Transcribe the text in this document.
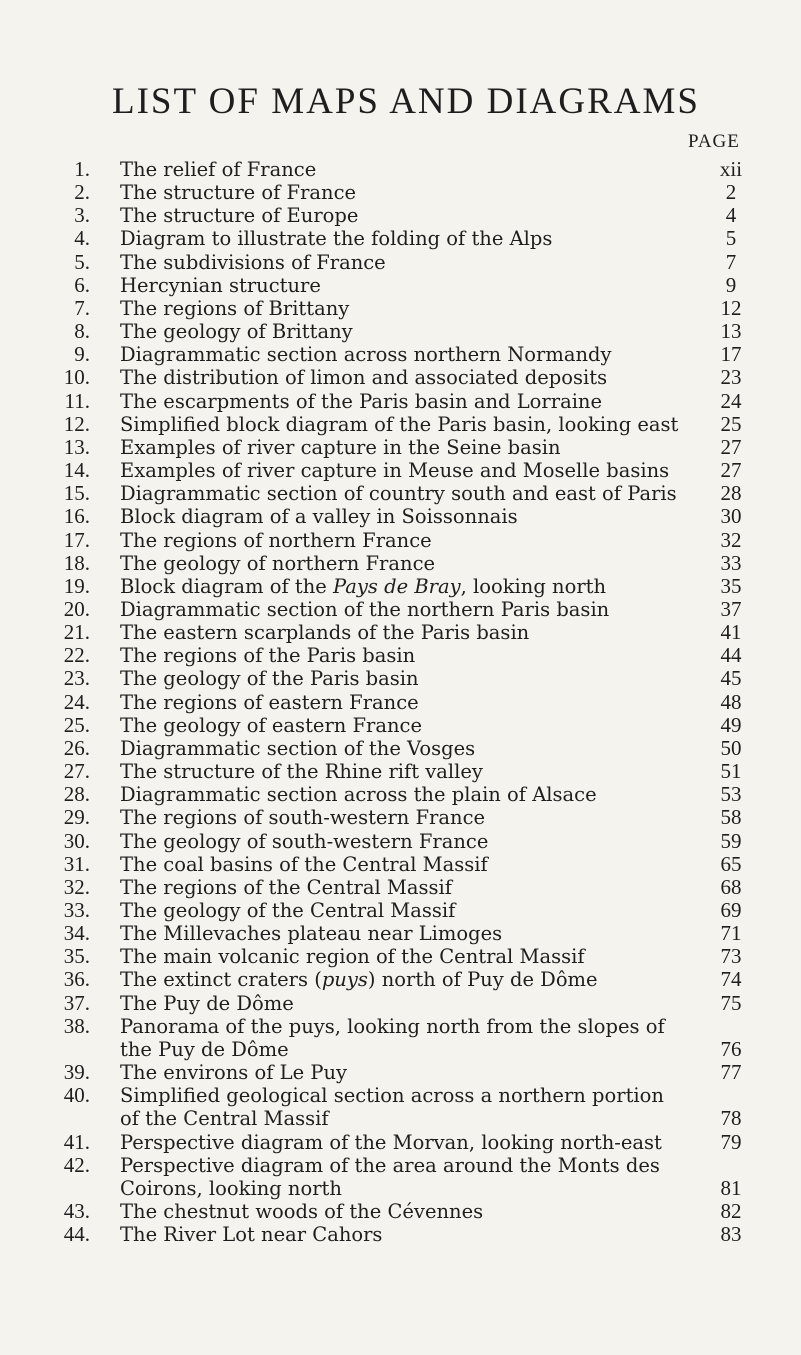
LIST OF MAPS AND DIAGRAMS
PAGE
1. The relief of France	xii
2. The structure of France	2
3. The structure of Europe	4
4. Diagram to illustrate the folding of the Alps	5
5. The subdivisions of France	7
6. Hercynian structure	9
7. The regions of Brittany	12
8. The geology of Brittany	13
9. Diagrammatic section across northern Normandy	17
10. The distribution of limon and associated deposits	23
11. The escarpments of the Paris basin and Lorraine	24
12. Simplified block diagram of the Paris basin, looking east	25
13. Examples of river capture in the Seine basin	27
14. Examples of river capture in Meuse and Moselle basins	27
15. Diagrammatic section of country south and east of Paris	28
16. Block diagram of a valley in Soissonnais	30
17. The regions of northern France	32
18. The geology of northern France	33
19. Block diagram of the Pays de Bray, looking north	35
20. Diagrammatic section of the northern Paris basin	37
21. The eastern scarplands of the Paris basin	41
22. The regions of the Paris basin	44
23. The geology of the Paris basin	45
24. The regions of eastern France	48
25. The geology of eastern France	49
26. Diagrammatic section of the Vosges	50
27. The structure of the Rhine rift valley	51
28. Diagrammatic section across the plain of Alsace	53
29. The regions of south-western France	58
30. The geology of south-western France	59
31. The coal basins of the Central Massif	65
32. The regions of the Central Massif	68
33. The geology of the Central Massif	69
34. The Millevaches plateau near Limoges	71
35. The main volcanic region of the Central Massif	73
36. The extinct craters (puys) north of Puy de Dôme	74
37. The Puy de Dôme	75
38. Panorama of the puys, looking north from the slopes of the Puy de Dôme	76
39. The environs of Le Puy	77
40. Simplified geological section across a northern portion of the Central Massif	78
41. Perspective diagram of the Morvan, looking north-east	79
42. Perspective diagram of the area around the Monts des Coirons, looking north	81
43. The chestnut woods of the Cévennes	82
44. The River Lot near Cahors	83
